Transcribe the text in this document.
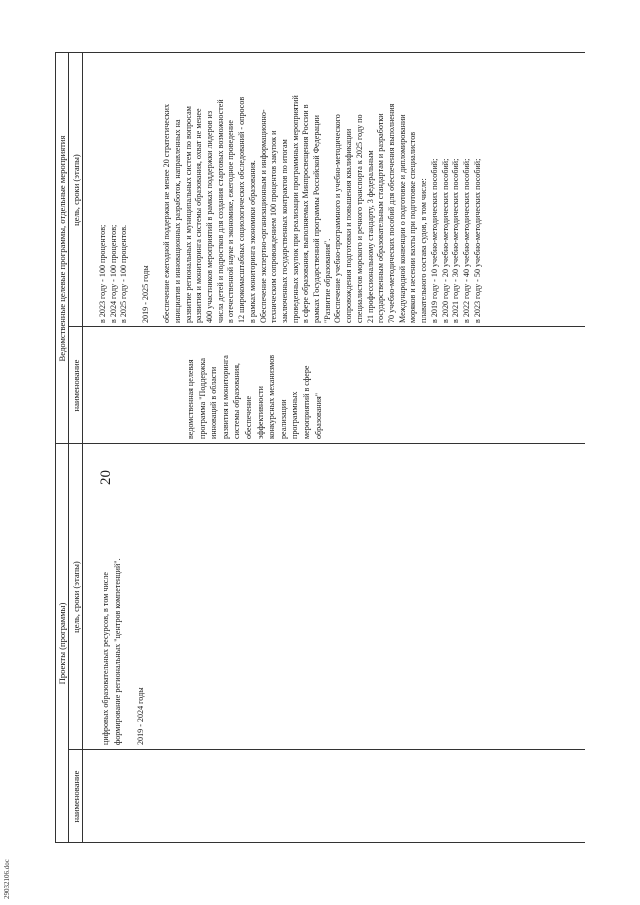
20
Проекты (программы)
наименование
цель, сроки (этапы)
Ведомственные целевые программы, отдельные мероприятия
наименование
цель, сроки (этапы)
цифровых образовательных ресурсов, в том числе формирование региональных "центров компетенций".
2019 - 2024 годы
ведомственная целевая программа "Поддержка инноваций в области развития и мониторинга системы образования, обеспечение эффективности конкурсных механизмов реализации программных мероприятий в сфере образования"
в 2023 году - 100 процентов; в 2024 году - 100 процентов; в 2025 году - 100 процентов.
2019 - 2025 годы
обеспечение ежегодной поддержки не менее 20 стратегических инициатив и инновационных разработок, направленных на развитие региональных и муниципальных систем по вопросам развития и мониторинга системы образования, охват не менее 400 участников мероприятий в рамках поддержки лидеров из числа детей и подростков для создания стартовых возможностей в отечественной науке и экономике, ежегодное проведение 12 широкомасштабных социологических обследований - опросов в рамках мониторинга экономики образования. Обеспечение экспертно-организационным и информационно- техническим сопровождением 100 процентов закупок и заключенных государственных контрактов по итогам проведенных закупок при реализации программных мероприятий в сфере образования, выполняемых Минпросвещения России в рамках Государственной программы Российской Федерации "Развитие образования". Обеспечение учебно-программного и учебно-методического сопровождения подготовки и повышения квалификации специалистов морского и речного транспорта к 2025 году по 21 профессиональному стандарту, 3 федеральным государственным образовательным стандартам и разработки 70 учебно-методических пособий для обеспечения выполнения Международной конвенции о подготовке и дипломировании моряков и несении вахты при подготовке специалистов плавательного состава судов, в том числе: в 2019 году - 10 учебно-методических пособий; в 2020 году - 20 учебно-методических пособий; в 2021 году - 30 учебно-методических пособий; в 2022 году - 40 учебно-методических пособий; в 2023 году - 50 учебно-методических пособий;
29032106.doc
